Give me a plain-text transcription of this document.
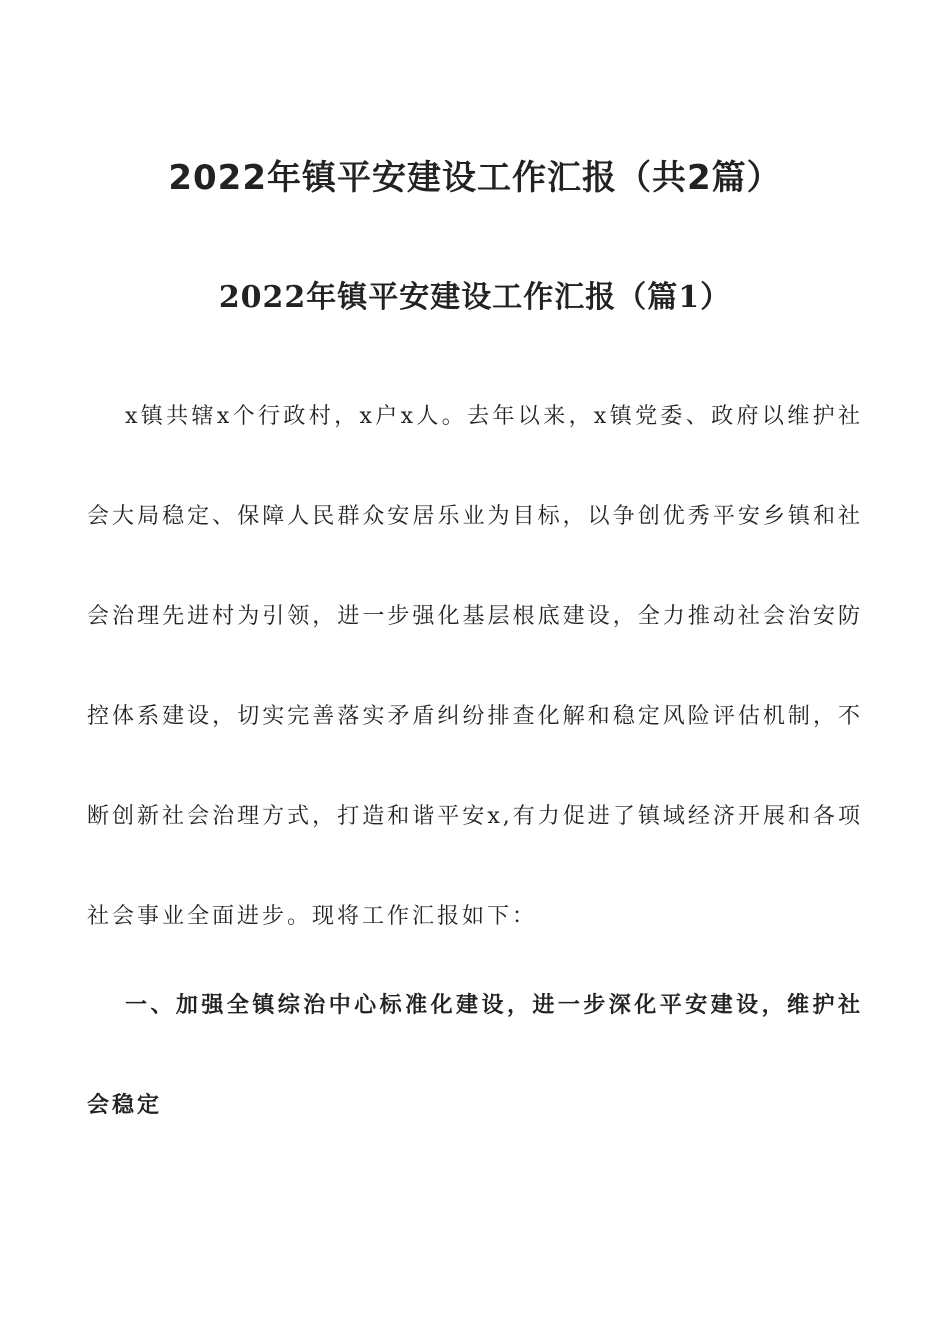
2022年镇平安建设工作汇报（共2篇）
2022年镇平安建设工作汇报（篇1）

x镇共辖x个行政村，x户x人。去年以来，x镇党委、政府以维护社会大局稳定、保障人民群众安居乐业为目标，以争创优秀平安乡镇和社会治理先进村为引领，进一步强化基层根底建设，全力推动社会治安防控体系建设，切实完善落实矛盾纠纷排查化解和稳定风险评估机制，不断创新社会治理方式，打造和谐平安x,有力促进了镇域经济开展和各项社会事业全面进步。现将工作汇报如下：

一、加强全镇综治中心标准化建设，进一步深化平安建设，维护社会稳定
